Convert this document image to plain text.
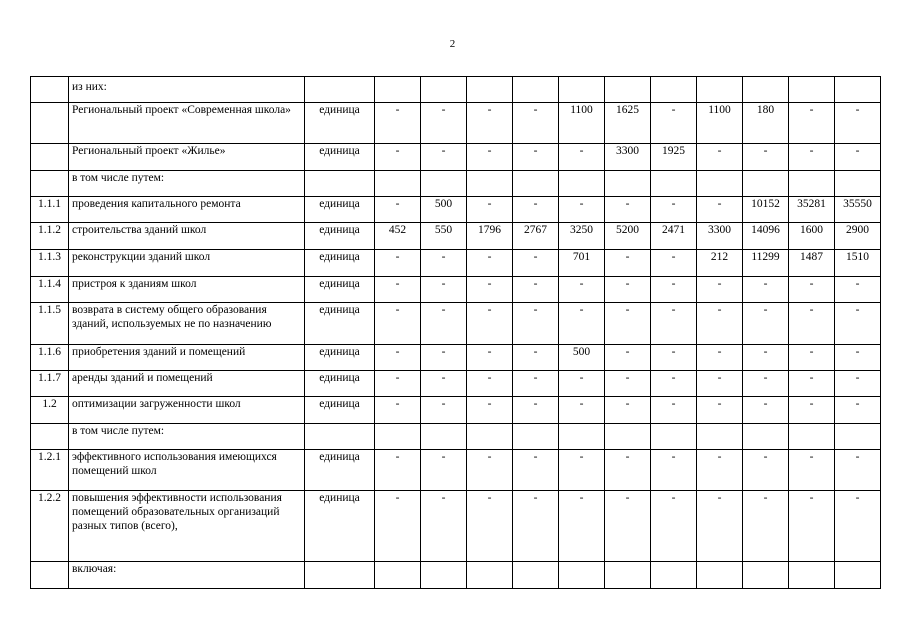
2
	из них:												
	Региональный проект «Современная школа»	единица	-	-	-	-	1100	1625	-	1100	180	-	-
	Региональный проект «Жилье»	единица	-	-	-	-	-	3300	1925	-	-	-	-
	в том числе путем:												
1.1.1	проведения капитального ремонта	единица	-	500	-	-	-	-	-	-	10152	35281	35550
1.1.2	строительства зданий школ	единица	452	550	1796	2767	3250	5200	2471	3300	14096	1600	2900
1.1.3	реконструкции зданий школ	единица	-	-	-	-	701	-	-	212	11299	1487	1510
1.1.4	пристроя к зданиям школ	единица	-	-	-	-	-	-	-	-	-	-	-
1.1.5	возврата в систему общего образования зданий, используемых не по назначению	единица	-	-	-	-	-	-	-	-	-	-	-
1.1.6	приобретения зданий и помещений	единица	-	-	-	-	500	-	-	-	-	-	-
1.1.7	аренды зданий и помещений	единица	-	-	-	-	-	-	-	-	-	-	-
1.2	оптимизации загруженности школ	единица	-	-	-	-	-	-	-	-	-	-	-
	в том числе путем:												
1.2.1	эффективного использования имеющихся помещений школ	единица	-	-	-	-	-	-	-	-	-	-	-
1.2.2	повышения эффективности использования помещений образовательных организаций разных типов (всего),	единица	-	-	-	-	-	-	-	-	-	-	-
	включая:												
